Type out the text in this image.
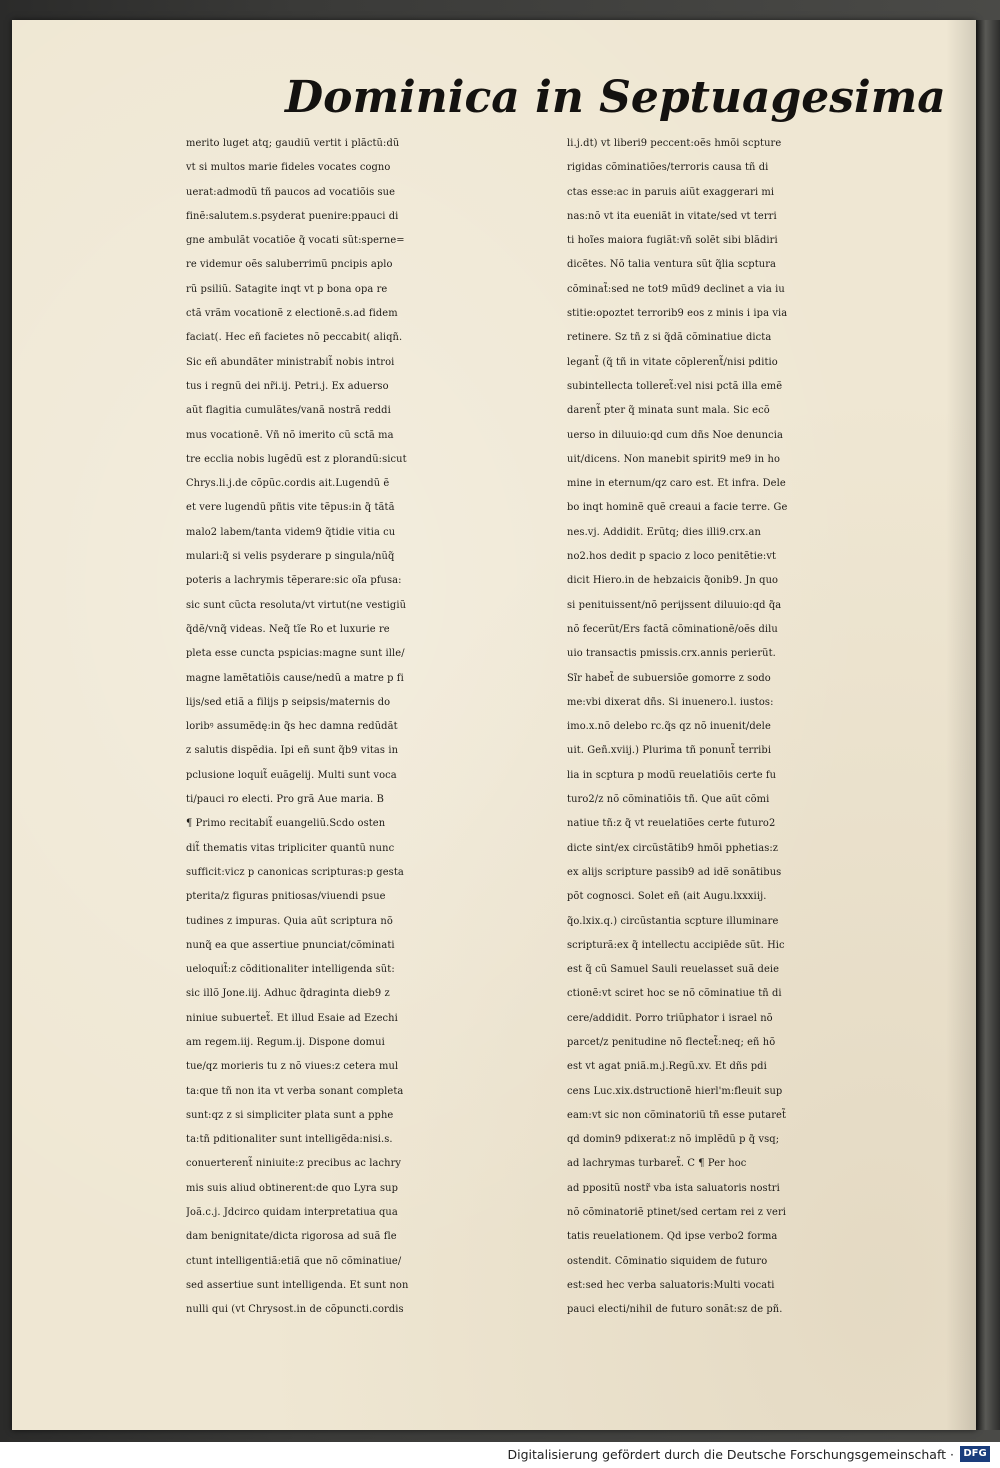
Dominica in Septuagesima
merito luget atq; gaudiũ vertit i plãctũ:dũ
vt si multos marie fideles vocates cogno
uerat:admodũ tñ paucos ad vocatiõis sue
finẽ:salutem.s.psyderat puenire:ppauci di
gne ambulãt vocatiõe q̃ vocati sũt:sperne=
re videmur oẽs saluberrimũ pncipis aplo
rũ psiliũ. Satagite inqt vt p bona opa re
ctã vrãm vocationẽ z electionẽ.s.ad fidem
faciat(. Hec eñ facietes nõ peccabit( aliqñ.
Sic eñ abundãter ministrabit̃ nobis introi
tus i regnũ dei nr̃i.ij. Petri.j. Ex aduerso
aũt flagitia cumulãtes/vanã nostrã reddi
mus vocationẽ. Vñ nõ imerito cũ sctã ma
tre ecclia nobis lugẽdũ est z plorandũ:sicut
Chrys.li.j.de cõpũc.cordis ait.Lugendũ ẽ
et vere lugendũ pñtis vite tẽpus:in q̃ tãtã
malo2 labem/tanta videm9 q̃tidie vitia cu
mulari:q̃ si velis psyderare p singula/nũq̃
poteris a lachrymis tẽperare:sic oĩa pfusa:
sic sunt cũcta resoluta/vt virtut(ne vestigiũ
q̃dẽ/vnq̃ videas. Neq̃ tĩe Ro et luxurie re
pleta esse cuncta pspicias:magne sunt ille/
magne lamẽtatiõis cause/nedũ a matre p fi
lijs/sed etiã a filijs p seipsis/maternis do
loribꝰ assumẽdę:in q̃s hec damna redũdãt
z salutis dispẽdia. Ipi eñ sunt q̃b9 vitas in
pclusione loquit̃ euãgelij. Multi sunt voca
ti/pauci ro electi. Pro grã Aue maria. B
¶ Primo recitabit̃ euangeliũ.Scdo osten
dit̃ thematis vitas tripliciter quantũ nunc
sufficit:vicz p canonicas scripturas:p gesta
pterita/z figuras pnitiosas/viuendi psue
tudines z impuras. Quia aũt scriptura nõ
nunq̃ ea que assertiue pnunciat/cõminati
ueloquit̃:z cõditionaliter intelligenda sũt:
sic illõ Jone.iij. Adhuc q̃draginta dieb9 z
niniue subuertet̃. Et illud Esaie ad Ezechi
am regem.iij. Regum.ij. Dispone domui
tue/qz morieris tu z nõ viues:z cetera mul
ta:que tñ non ita vt verba sonant completa
sunt:qz z si simpliciter plata sunt a pphe
ta:tñ pditionaliter sunt intelligẽda:nisi.s.
conuerterent̃ niniuite:z precibus ac lachry
mis suis aliud obtinerent:de quo Lyra sup
Joã.c.j. Jdcirco quidam interpretatiua qua
dam benignitate/dicta rigorosa ad suã fle
ctunt intelligentiã:etiã que nõ cõminatiue/
sed assertiue sunt intelligenda. Et sunt non
nulli qui (vt Chrysost.in de cõpuncti.cordis
li.j.dt) vt liberi9 peccent:oẽs hmõi scpture
rigidas cõminatiões/terroris causa tñ di
ctas esse:ac in paruis aiũt exaggerari mi
nas:nõ vt ita eueniãt in vitate/sed vt terri
ti hoĩes maiora fugiãt:vñ solẽt sibi blãdiri
dicẽtes. Nõ talia ventura sũt q̃lia scptura
cõminat̃:sed ne tot9 mũd9 declinet a via iu
stitie:opoztet terrorib9 eos z minis i ipa via
retinere. Sz tñ z si q̃dã cõminatiue dicta
legant̃ (q̃ tñ in vitate cõplerent̃/nisi pditio
subintellecta tolleret̃:vel nisi pctã illa emẽ
darent̃ pter q̃ minata sunt mala. Sic ecõ
uerso in diluuio:qd cum dñs Noe denuncia
uit/dicens. Non manebit spirit9 me9 in ho
mine in eternum/qz caro est. Et infra. Dele
bo inqt hominẽ quẽ creaui a facie terre. Ge
nes.vj. Addidit. Erũtq; dies illi9.crx.an
no2.hos dedit p spacio z loco penitẽtie:vt
dicit Hiero.in de hebzaicis q̃onib9. Jn quo
si penituissent/nõ perijssent diluuio:qd q̃a
nõ fecerũt/Ers factã cõminationẽ/oẽs dilu
uio transactis pmissis.crx.annis perierũt.
Sĩr habet̃ de subuersiõe gomorre z sodo
me:vbi dixerat dñs. Si inuenero.l. iustos:
imo.x.nõ delebo rc.q̃s qz nõ inuenit/dele
uit. Geñ.xviij.) Plurima tñ ponunt̃ terribi
lia in scptura p modũ reuelatiõis certe fu
turo2/z nõ cõminatiõis tñ. Que aũt cõmi
natiue tñ:z q̃ vt reuelatiões certe futuro2
dicte sint/ex circũstãtib9 hmõi pphetias:z
ex alijs scripture passib9 ad idẽ sonãtibus
põt cognosci. Solet eñ (ait Augu.lxxxiij.
q̃o.lxix.q.) circũstantia scpture illuminare
scripturã:ex q̃ intellectu accipiẽde sũt. Hic
est q̃ cũ Samuel Sauli reuelasset suã deie
ctionẽ:vt sciret hoc se nõ cõminatiue tñ di
cere/addidit. Porro triũphator i israel nõ
parcet/z penitudine nõ flectet̃:neq; eñ hõ
est vt agat pniã.m.j.Regũ.xv. Et dñs pdi
cens Luc.xix.dstructionẽ hierl'm:fleuit sup
eam:vt sic non cõminatoriũ tñ esse putaret̃
qd domin9 pdixerat:z nõ implẽdũ p q̃ vsq;
ad lachrymas turbaret̃. C ¶ Per hoc
ad ppositũ nostr̃ vba ista saluatoris nostri
nõ cõminatoriẽ ptinet/sed certam rei z veri
tatis reuelationem. Qd ipse verbo2 forma
ostendit. Cõminatio siquidem de futuro
est:sed hec verba saluatoris:Multi vocati
pauci electi/nihil de futuro sonãt:sz de pñ.
Digitalisierung gefördert durch die Deutsche Forschungsgemeinschaft · DFG
